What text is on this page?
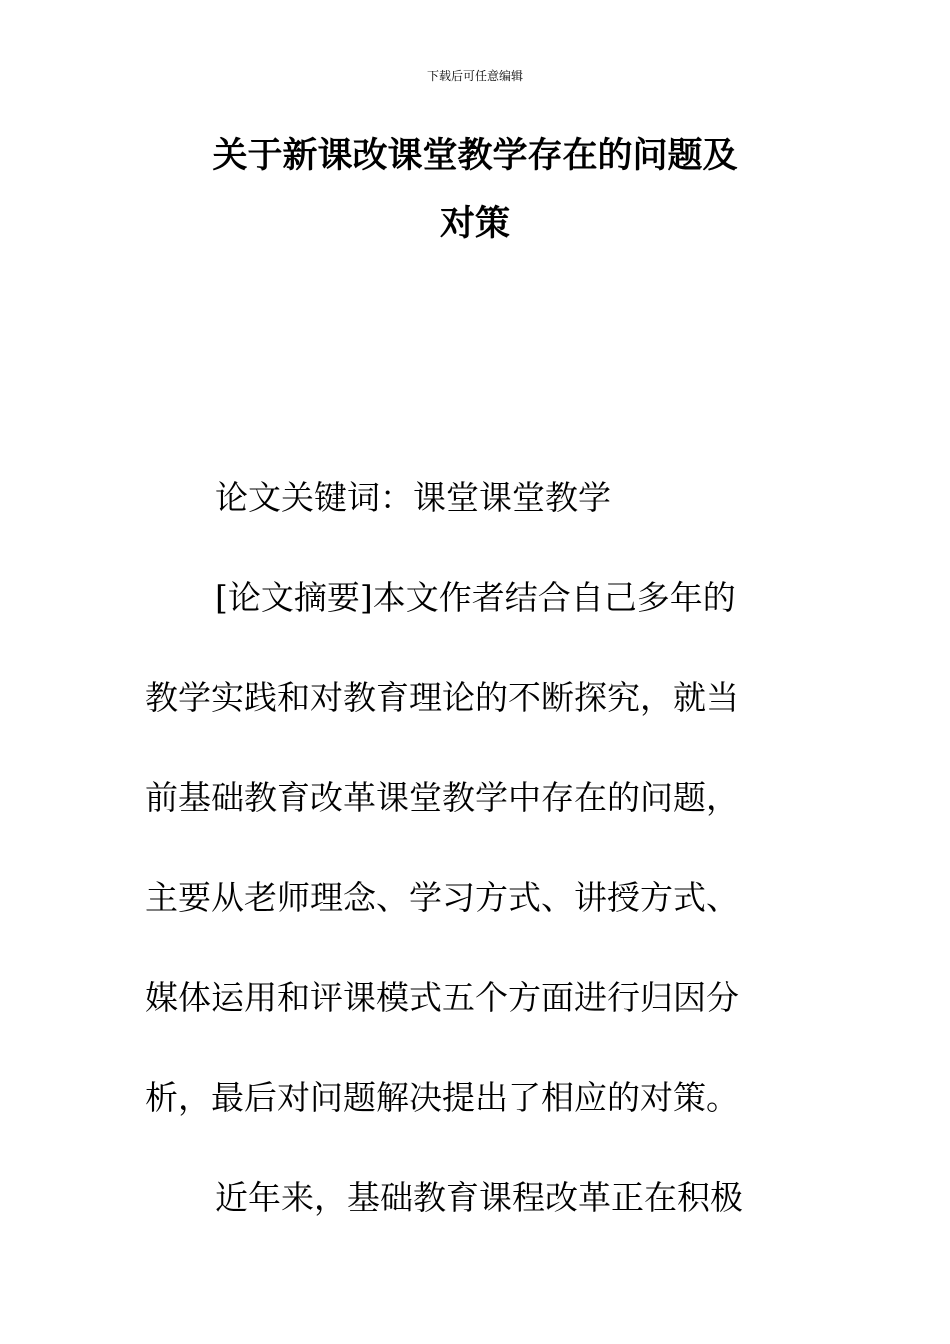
下载后可任意编辑
关于新课改课堂教学存在的问题及
对策
论文关键词：课堂课堂教学
[论文摘要]本文作者结合自己多年的
教学实践和对教育理论的不断探究，就当
前基础教育改革课堂教学中存在的问题，
主要从老师理念、学习方式、讲授方式、
媒体运用和评课模式五个方面进行归因分
析，最后对问题解决提出了相应的对策。
近年来，基础教育课程改革正在积极
